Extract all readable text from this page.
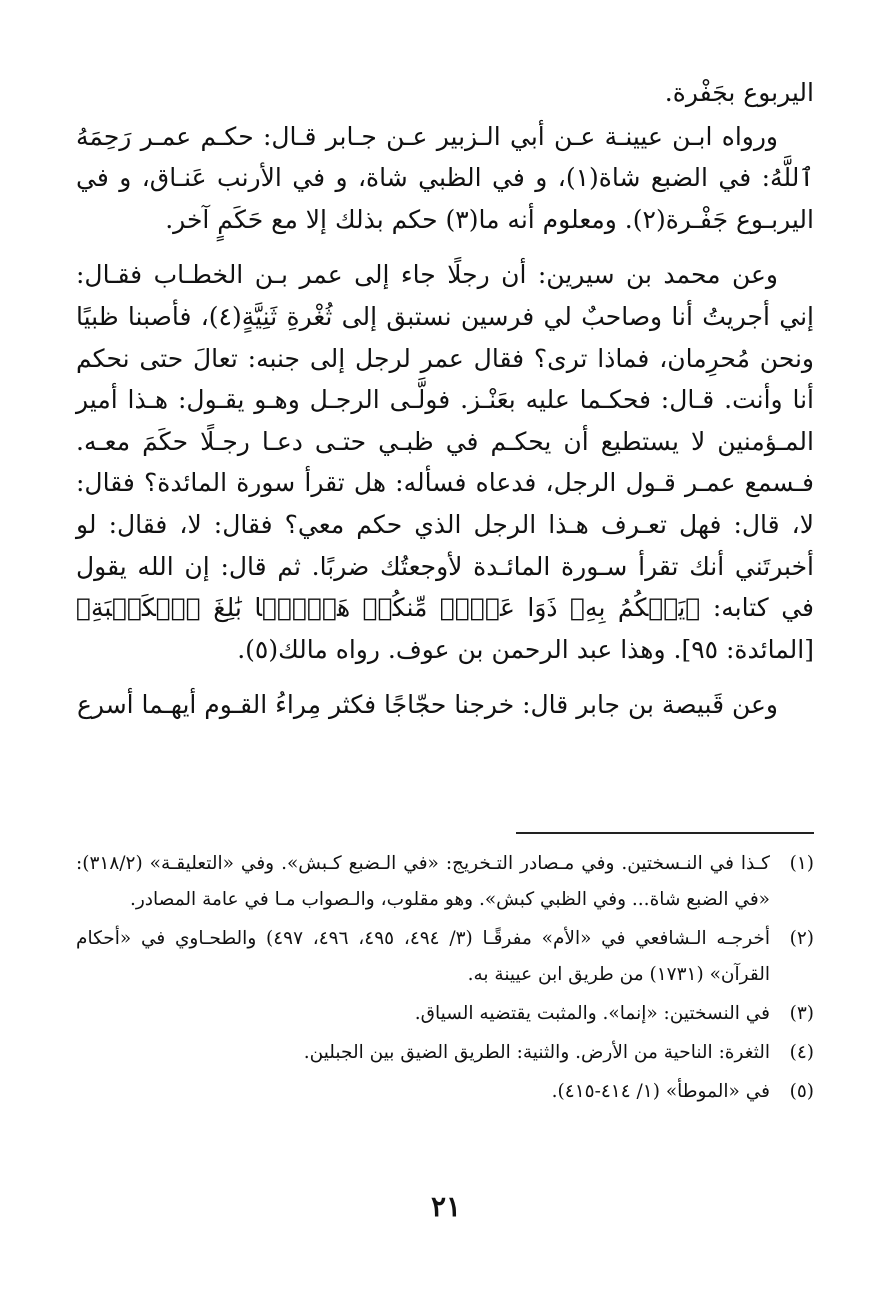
اليربوع بجَفْرة.

ورواه ابـن عيينـة عـن أبي الـزبير عـن جـابر قـال: حكـم عمـر رَحِمَهُ ٱللَّهُ: في الضبع شاة(١)، و في الظبي شاة، و في الأرنب عَنـاق، و في اليربـوع جَفْـرة(٢). ومعلوم أنه ما(٣) حكم بذلك إلا مع حَكَمٍ آخر.

وعن محمد بن سيرين: أن رجلًا جاء إلى عمر بـن الخطـاب فقـال: إني أجريتُ أنا وصاحبٌ لي فرسين نستبق إلى ثُغْرةِ ثَنِيَّةٍ(٤)، فأصبنا ظبيًا ونحن مُحرِمان، فماذا ترى؟ فقال عمر لرجل إلى جنبه: تعالَ حتى نحكم أنا وأنت. قـال: فحكـما عليه بعَنْـز. فولَّـى الرجـل وهـو يقـول: هـذا أمير المـؤمنين لا يستطيع أن يحكـم في ظبـي حتـى دعـا رجـلًا حكَمَ معـه. فـسمع عمـر قـول الرجل، فدعاه فسأله: هل تقرأ سورة المائدة؟ فقال: لا، قال: فهل تعـرف هـذا الرجل الذي حكم معي؟ فقال: لا، فقال: لو أخبرتَني أنك تقرأ سـورة المائـدة لأوجعتُك ضربًا. ثم قال: إن الله يقول في كتابه: ﴿يَحۡكُمُ بِهِۦ ذَوَا عَدۡلٖ مِّنكُمۡ هَدۡيَۢا بَٰلِغَ ٱلۡكَعۡبَةِ﴾ [المائدة: ٩٥]. وهذا عبد الرحمن بن عوف. رواه مالك(٥).

وعن قَبيصة بن جابر قال: خرجنا حجّاجًا فكثر مِراءُ القـوم أيهـما أسرع

(١)
كـذا في النـسختين. وفي مـصادر التـخريج: «في الـضبع كـبش». وفي «التعليقـة» (٣١٨/٢): «في الضبع شاة... وفي الظبي كبش». وهو مقلوب، والـصواب مـا في عامة المصادر.
(٢)
أخرجـه الـشافعي في «الأم» مفرقًـا (٣/ ٤٩٤، ٤٩٥، ٤٩٦، ٤٩٧) والطحـاوي في «أحكام القرآن» (١٧٣١) من طريق ابن عيينة به.
(٣)
في النسختين: «إنما». والمثبت يقتضيه السياق.
(٤)
الثغرة: الناحية من الأرض. والثنية: الطريق الضيق بين الجبلين.
(٥)
في «الموطأ» (١/ ٤١٤-٤١٥).
٢١
